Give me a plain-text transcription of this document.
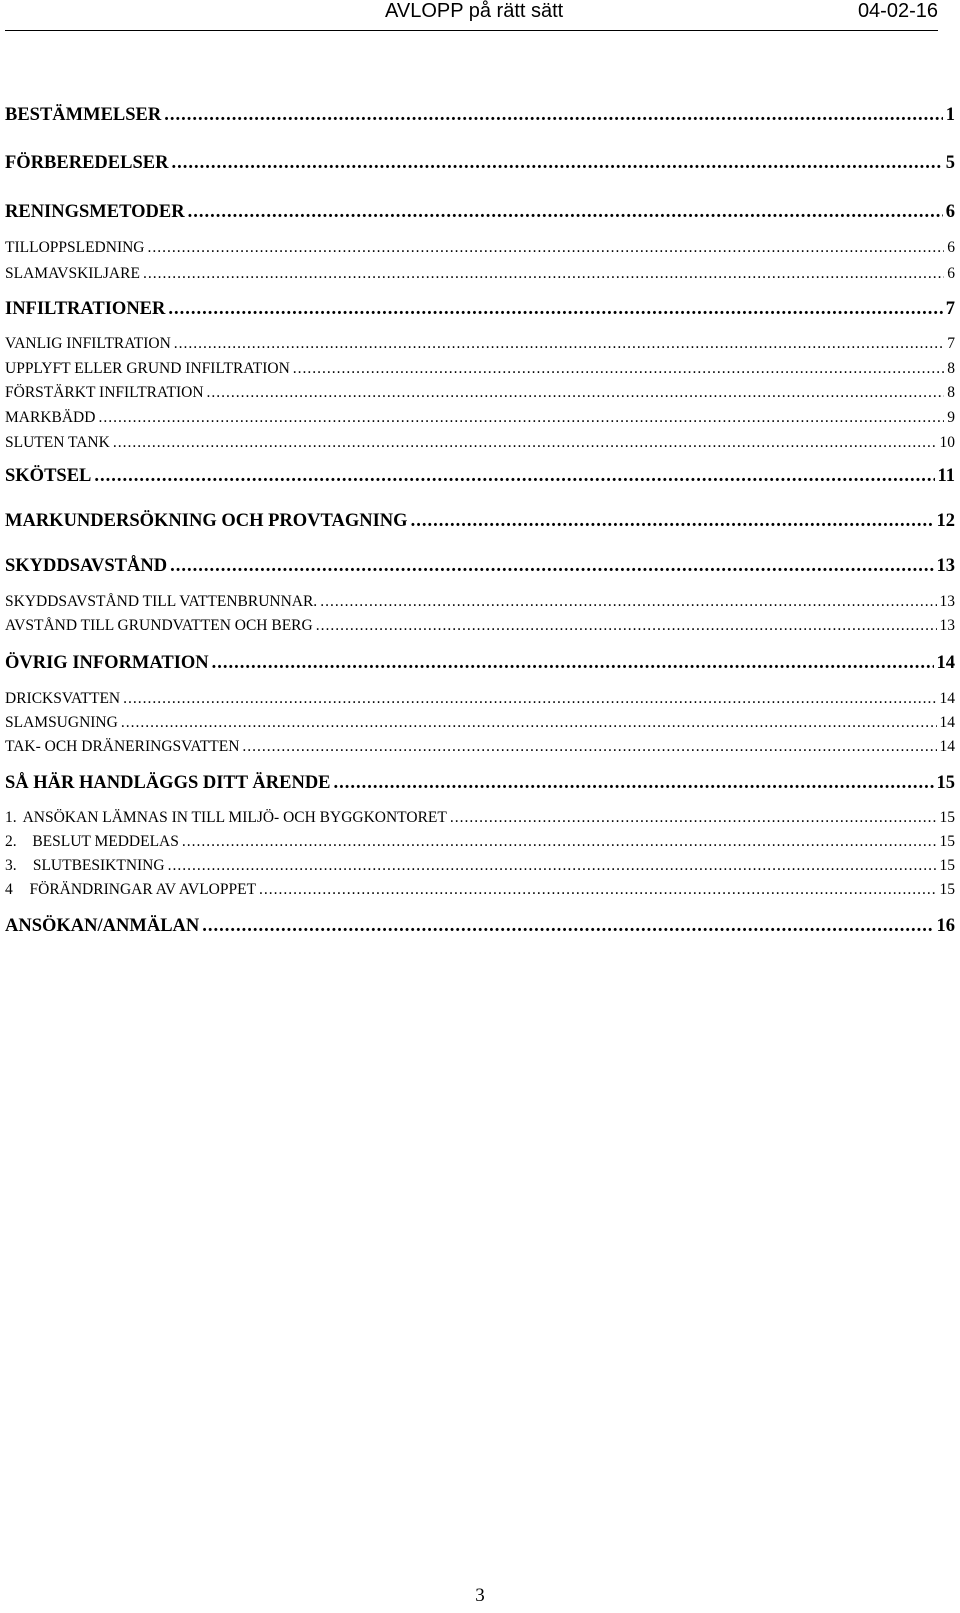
AVLOPP på rätt sätt	04-02-16
BESTÄMMELSER .....	1
FÖRBEREDELSER .....	5
RENINGSMETODER .....	6
TILLOPPSLEDNING .....	6
SLAMAVSKILJARE .....	6
INFILTRATIONER .....	7
VANLIG INFILTRATION .....	7
UPPLYFT ELLER GRUND INFILTRATION .....	8
FÖRSTÄRKT INFILTRATION .....	8
MARKBÄDD .....	9
SLUTEN TANK .....	10
SKÖTSEL .....	11
MARKUNDERSÖKNING OCH PROVTAGNING .....	12
SKYDDSAVSTÅND .....	13
SKYDDSAVSTÅND TILL VATTENBRUNNAR. .....	13
AVSTÅND TILL GRUNDVATTEN OCH BERG .....	13
ÖVRIG INFORMATION .....	14
DRICKSVATTEN .....	14
SLAMSUGNING .....	14
TAK- OCH DRÄNERINGSVATTEN .....	14
SÅ HÄR HANDLÄGGS DITT ÄRENDE .....	15
1. ANSÖKAN LÄMNAS IN TILL MILJÖ- OCH BYGGKONTORET .....	15
2.	BESLUT MEDDELAS .....	15
3.	SLUTBESIKTNING .....	15
4	FÖRÄNDRINGAR AV AVLOPPET .....	15
ANSÖKAN/ANMÄLAN .....	16
3
